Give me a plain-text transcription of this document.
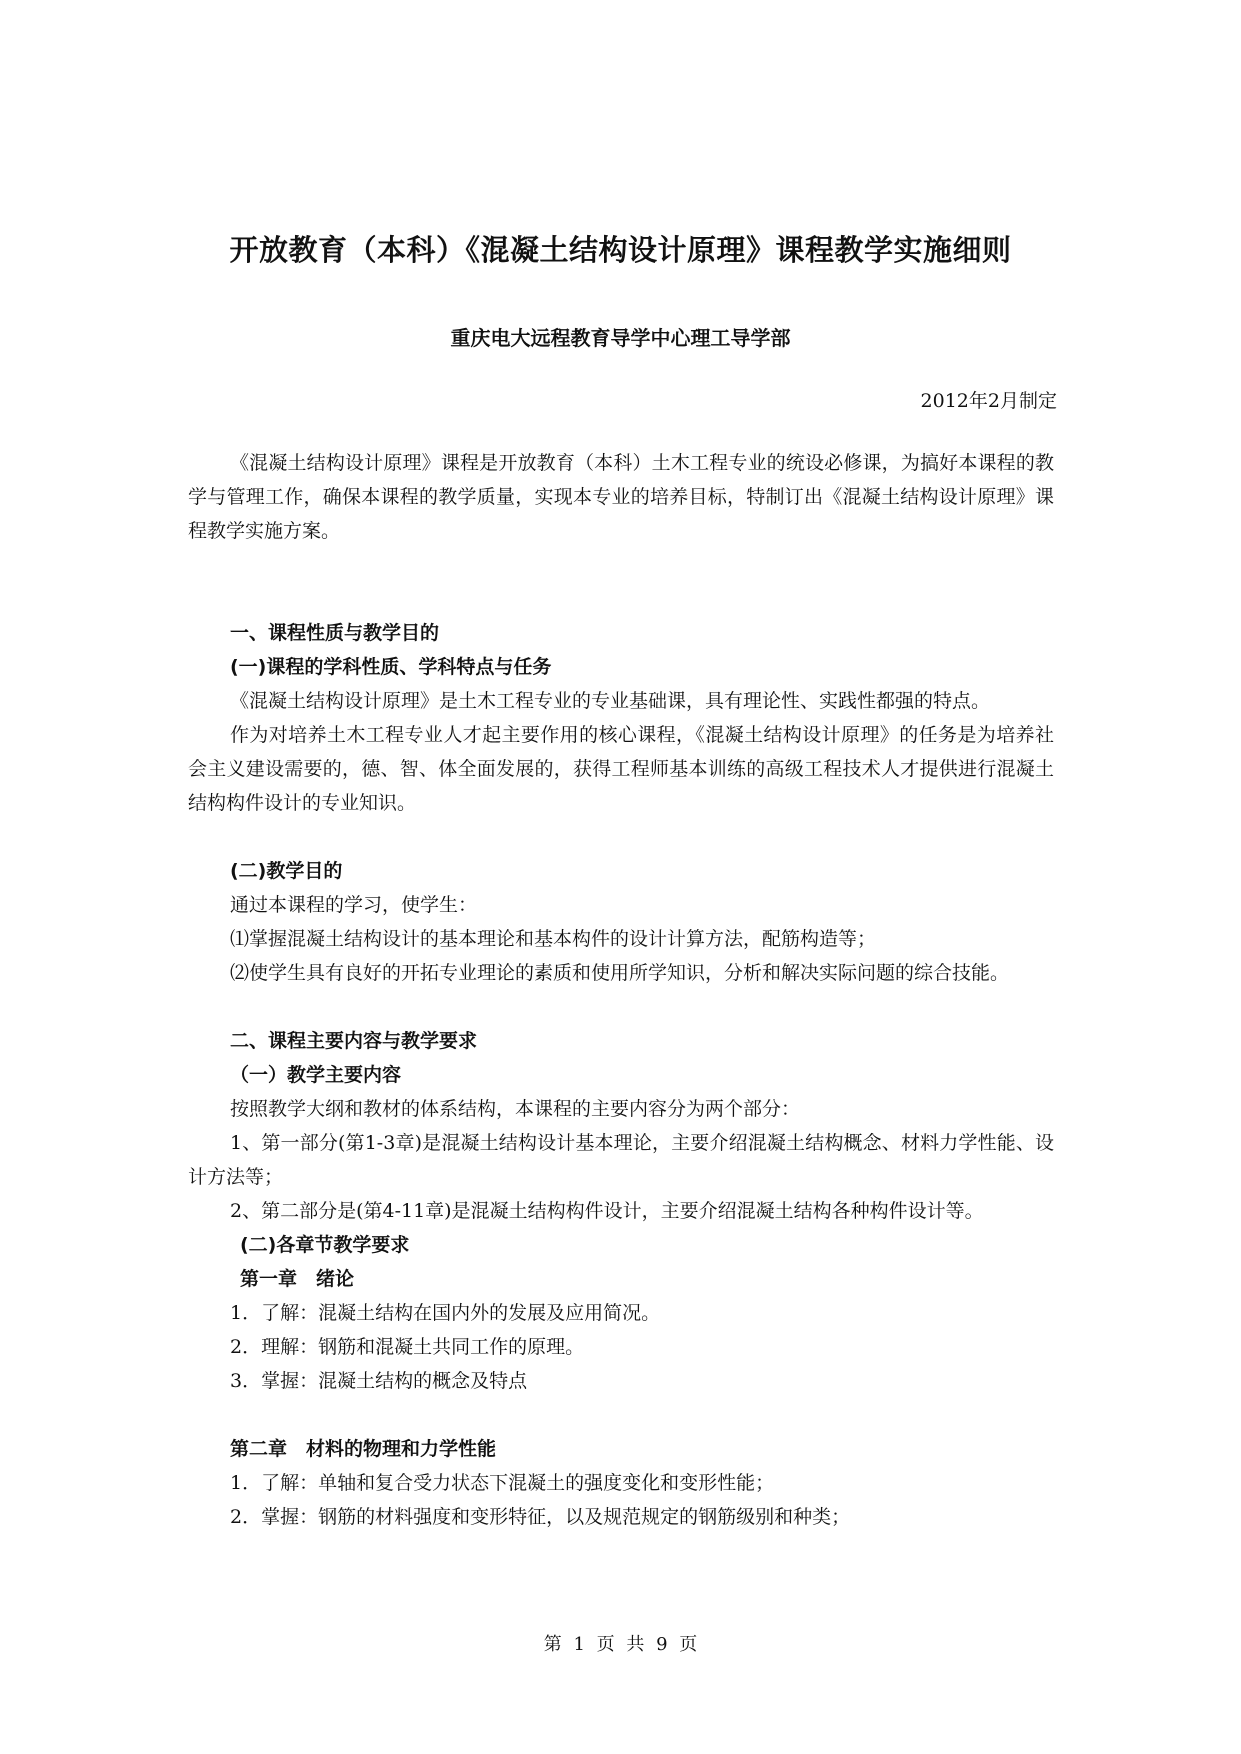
开放教育（本科）《混凝土结构设计原理》课程教学实施细则
重庆电大远程教育导学中心理工导学部
2012年2月制定

《混凝土结构设计原理》课程是开放教育（本科）土木工程专业的统设必修课，为搞好本课程的教学与管理工作，确保本课程的教学质量，实现本专业的培养目标，特制订出《混凝土结构设计原理》课程教学实施方案。

一、课程性质与教学目的

(一)课程的学科性质、学科特点与任务

《混凝土结构设计原理》是土木工程专业的专业基础课，具有理论性、实践性都强的特点。

作为对培养土木工程专业人才起主要作用的核心课程，《混凝土结构设计原理》的任务是为培养社会主义建设需要的，德、智、体全面发展的，获得工程师基本训练的高级工程技术人才提供进行混凝土结构构件设计的专业知识。

(二)教学目的

通过本课程的学习，使学生：

⑴掌握混凝土结构设计的基本理论和基本构件的设计计算方法，配筋构造等；

⑵使学生具有良好的开拓专业理论的素质和使用所学知识，分析和解决实际问题的综合技能。

二、课程主要内容与教学要求

（一）教学主要内容

按照教学大纲和教材的体系结构，本课程的主要内容分为两个部分：

1、第一部分(第1-3章)是混凝土结构设计基本理论，主要介绍混凝土结构概念、材料力学性能、设计方法等；

2、第二部分是(第4-11章)是混凝土结构构件设计，主要介绍混凝土结构各种构件设计等。

(二)各章节教学要求

第一章　绪论

1．了解：混凝土结构在国内外的发展及应用简况。

2．理解：钢筋和混凝土共同工作的原理。

3．掌握：混凝土结构的概念及特点

第二章　材料的物理和力学性能

1．了解：单轴和复合受力状态下混凝土的强度变化和变形性能；

2．掌握：钢筋的材料强度和变形特征，以及规范规定的钢筋级别和种类；

第 1 页 共 9 页
